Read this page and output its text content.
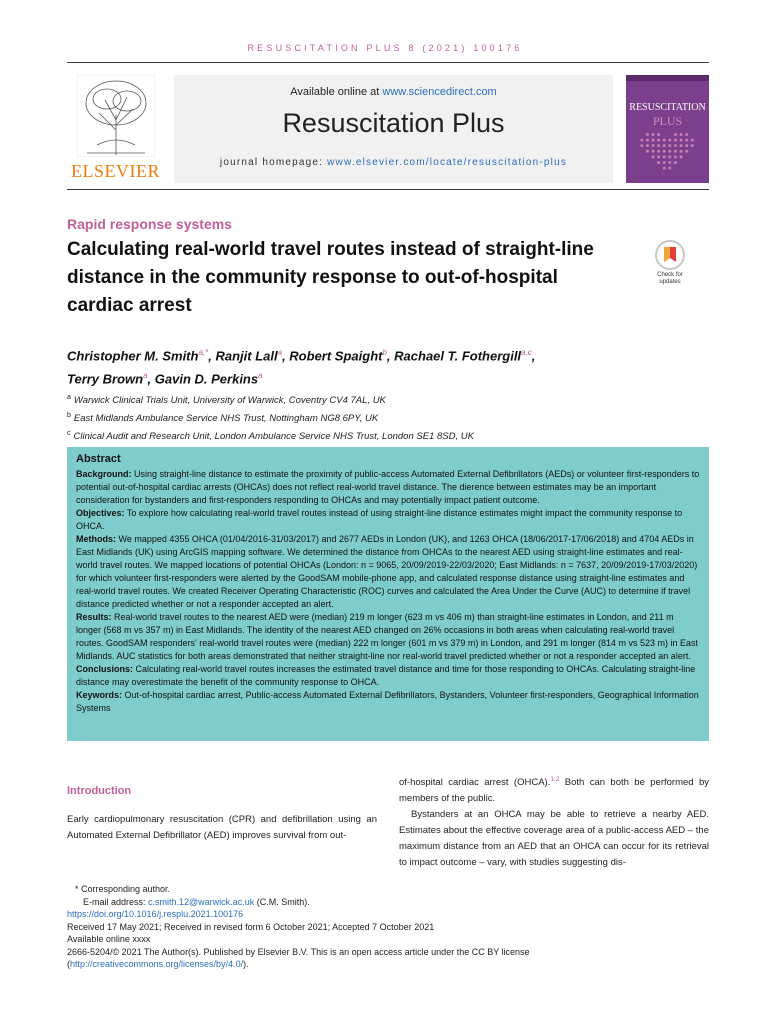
RESUSCITATION PLUS 8 (2021) 100176
ELSEVIER
Available online at www.sciencedirect.com
Resuscitation Plus
journal homepage: www.elsevier.com/locate/resuscitation-plus
RESUSCITATION
PLUS
Rapid response systems
Calculating real-world travel routes instead of straight-line distance in the community response to out-of-hospital cardiac arrest
Check for updates
Christopher M. Smith$^{a,*}$, Ranjit Lall$^a$, Robert Spaight$^b$, Rachael T. Fothergill$^{a,c}$,
Terry Brown$^a$, Gavin D. Perkins$^a$
$^a$ Warwick Clinical Trials Unit, University of Warwick, Coventry CV4 7AL, UK
$^b$ East Midlands Ambulance Service NHS Trust, Nottingham NG8 6PY, UK
$^c$ Clinical Audit and Research Unit, London Ambulance Service NHS Trust, London SE1 8SD, UK
Abstract

Background: Using straight-line distance to estimate the proximity of public-access Automated External Defibrillators (AEDs) or volunteer first-responders to potential out-of-hospital cardiac arrests (OHCAs) does not reflect real-world travel distance. The dierence between estimates may be an important consideration for bystanders and first-responders responding to OHCAs and may potentially impact patient outcome.

Objectives: To explore how calculating real-world travel routes instead of using straight-line distance estimates might impact the community response to OHCA.

Methods: We mapped 4355 OHCA (01/04/2016-31/03/2017) and 2677 AEDs in London (UK), and 1263 OHCA (18/06/2017-17/06/2018) and 4704 AEDs in East Midlands (UK) using ArcGIS mapping software. We determined the distance from OHCAs to the nearest AED using straight-line estimates and real-world travel routes. We mapped locations of potential OHCAs (London: n = 9065, 20/09/2019-22/03/2020; East Midlands: n = 7637, 20/09/2019-17/03/2020) for which volunteer first-responders were alerted by the GoodSAM mobile-phone app, and calculated response distance using straight-line estimates and real-world travel routes. We created Receiver Operating Characteristic (ROC) curves and calculated the Area Under the Curve (AUC) to determine if travel distance predicted whether or not a responder accepted an alert.

Results: Real-world travel routes to the nearest AED were (median) 219 m longer (623 m vs 406 m) than straight-line estimates in London, and 211 m longer (568 m vs 357 m) in East Midlands. The identity of the nearest AED changed on 26% occasions in both areas when calculating real-world travel routes. GoodSAM responders' real-world travel routes were (median) 222 m longer (601 m vs 379 m) in London, and 291 m longer (814 m vs 523 m) in East Midlands. AUC statistics for both areas demonstrated that neither straight-line nor real-world travel predicted whether or not a responder accepted an alert.

Conclusions: Calculating real-world travel routes increases the estimated travel distance and time for those responding to OHCAs. Calculating straight-line distance may overestimate the benefit of the community response to OHCA.

Keywords: Out-of-hospital cardiac arrest, Public-access Automated External Defibrillators, Bystanders, Volunteer first-responders, Geographical Information Systems

Introduction
Early cardiopulmonary resuscitation (CPR) and defibrillation using an Automated External Defibrillator (AED) improves survival from out-

of-hospital cardiac arrest (OHCA).$^{1,2}$ Both can both be performed by members of the public.

Bystanders at an OHCA may be able to retrieve a nearby AED. Estimates about the effective coverage area of a public-access AED – the maximum distance from an AED that an OHCA can occur for its retrieval to impact outcome – vary, with studies suggesting dis-

* Corresponding author.
E-mail address: c.smith.12@warwick.ac.uk (C.M. Smith).
https://doi.org/10.1016/j.resplu.2021.100176
Received 17 May 2021; Received in revised form 6 October 2021; Accepted 7 October 2021
Available online xxxx
2666-5204/© 2021 The Author(s). Published by Elsevier B.V. This is an open access article under the CC BY license (http://creativecommons.org/licenses/by/4.0/).
